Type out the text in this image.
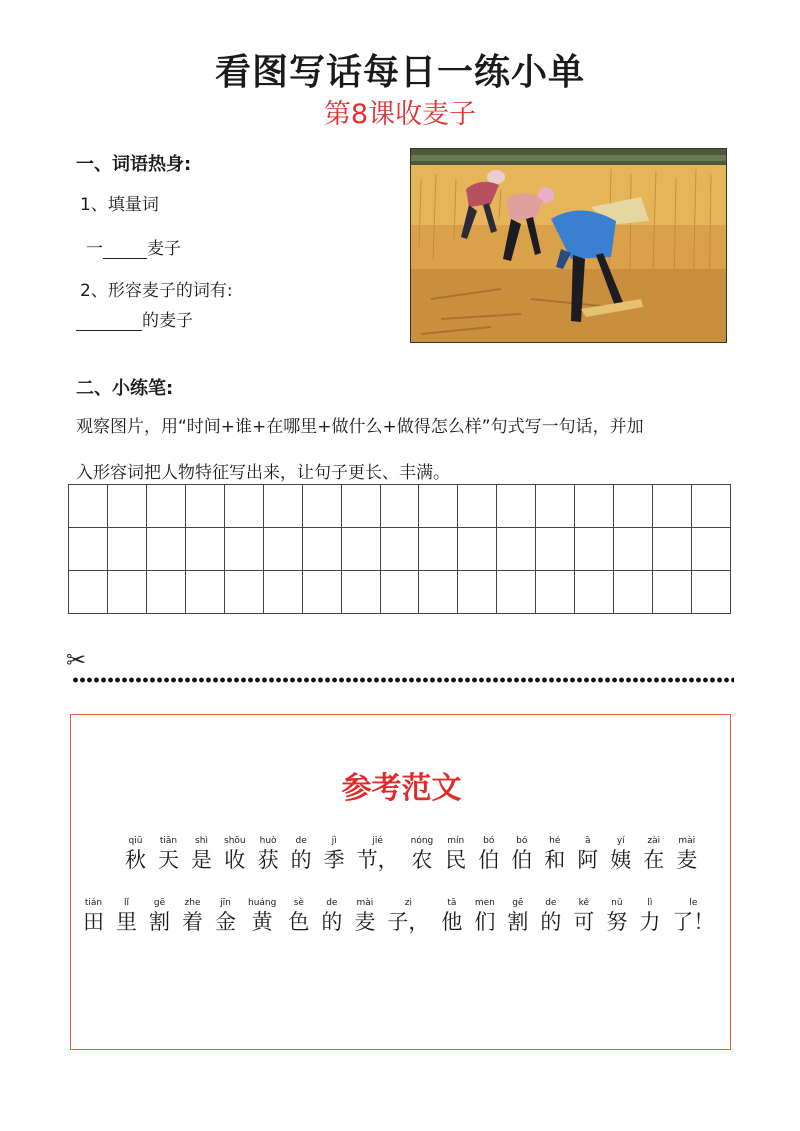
看图写话每日一练小单
第8课收麦子
一、词语热身:
1、填量词
一	麦子
2、形容麦子的词有:
的麦子
二、小练笔:
观察图片，用“时间+谁+在哪里+做什么+做得怎么样”句式写一句话，并加
入形容词把人物特征写出来，让句子更长、丰满。

✂
参考范文
qiū
秋
tiān
天
shì
是
shōu
收
huò
获
de
的
jì
季
jié
节，
nóng
农
mín
民
bó
伯
bó
伯
hé
和
ā
阿
yí
姨
zài
在
mài
麦
tián
田
lǐ
里
gē
割
zhe
着
jīn
金
huáng
黄
sè
色
de
的
mài
麦
zi
子，
tā
他
men
们
gē
割
de
的
kě
可
nǔ
努
lì
力
le
了！
